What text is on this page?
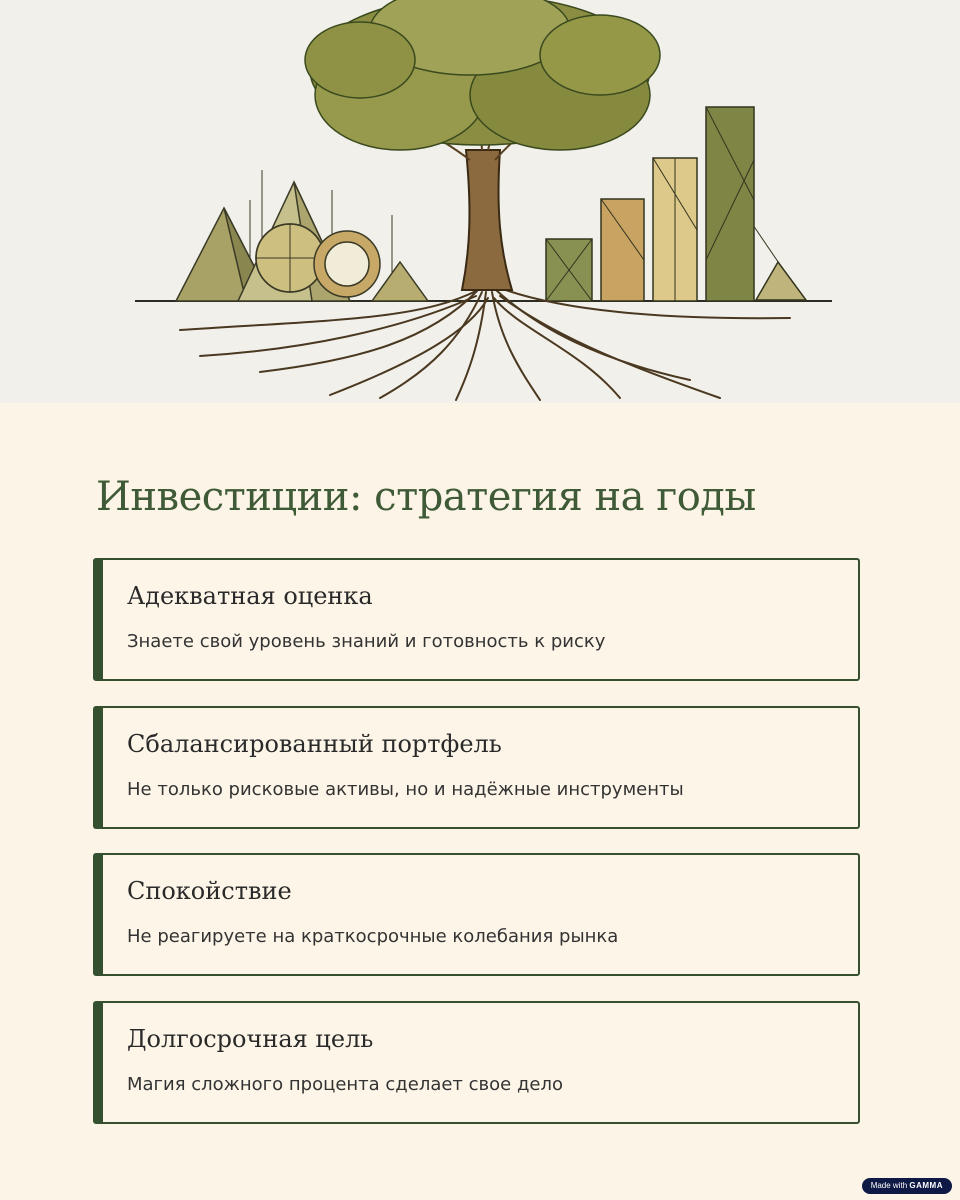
Инвестиции: стратегия на годы
Адекватная оценка

Знаете свой уровень знаний и готовность к риску

Сбалансированный портфель

Не только рисковые активы, но и надёжные инструменты

Спокойствие

Не реагируете на краткосрочные колебания рынка

Долгосрочная цель

Магия сложного процента сделает свое дело

Made with GAMMA
